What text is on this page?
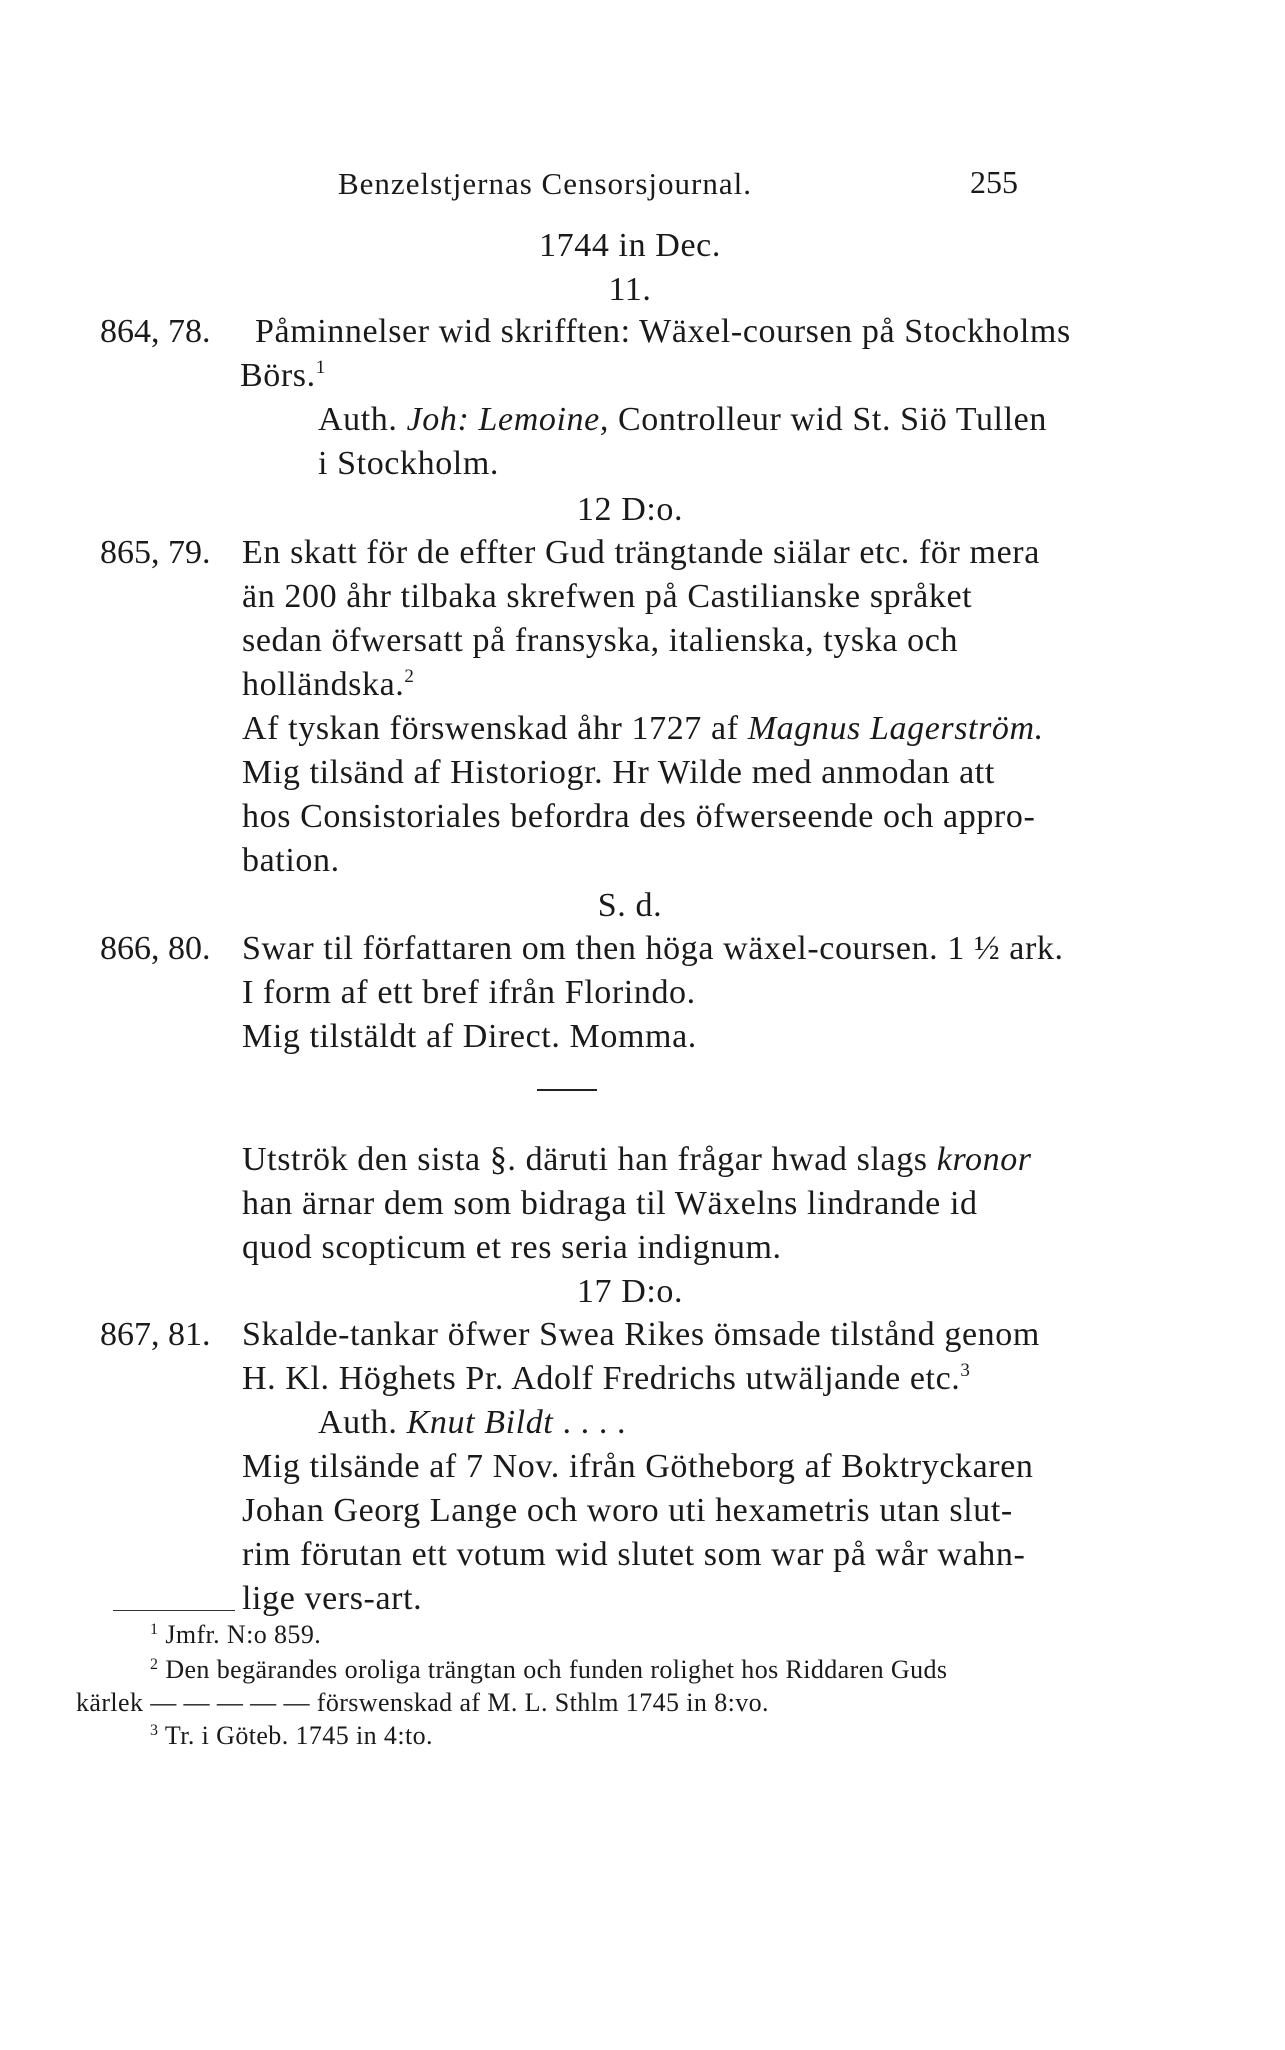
Benzelstjernas Censorsjournal.	255
1744 in Dec.
11.
864, 78. Påminnelser wid skrifften: Wäxel-coursen på Stockholms
Börs.$^1$
Auth. Joh: Lemoine, Controlleur wid St. Siö Tullen
i Stockholm.
12 D:o.
865, 79. En skatt för de effter Gud trängtande siälar etc. för mera
än 200 åhr tilbaka skrefwen på Castilianske språket
sedan öfwersatt på fransyska, italienska, tyska och
holländska.$^2$
Af tyskan förswenskad åhr 1727 af Magnus Lagerström.
Mig tilsänd af Historiogr. Hr Wilde med anmodan att
hos Consistoriales befordra des öfwerseende och appro-
bation.
S. d.
866, 80. Swar til författaren om then höga wäxel-coursen. 1 ½ ark.
I form af ett bref ifrån Florindo.
Mig tilstäldt af Direct. Momma.
Utströk den sista §. däruti han frågar hwad slags kronor
han ärnar dem som bidraga til Wäxelns lindrande id
quod scopticum et res seria indignum.
17 D:o.
867, 81. Skalde-tankar öfwer Swea Rikes ömsade tilstånd genom
H. Kl. Höghets Pr. Adolf Fredrichs utwäljande etc.$^3$
Auth. Knut Bildt . . . .
Mig tilsände af 7 Nov. ifrån Götheborg af Boktryckaren
Johan Georg Lange och woro uti hexametris utan slut-
rim förutan ett votum wid slutet som war på wår wahn-
lige vers-art.
$^1$ Jmfr. N:o 859.
$^2$ Den begärandes oroliga trängtan och funden rolighet hos Riddaren Guds
kärlek — — — — — förswenskad af M. L. Sthlm 1745 in 8:vo.
$^3$ Tr. i Göteb. 1745 in 4:to.
